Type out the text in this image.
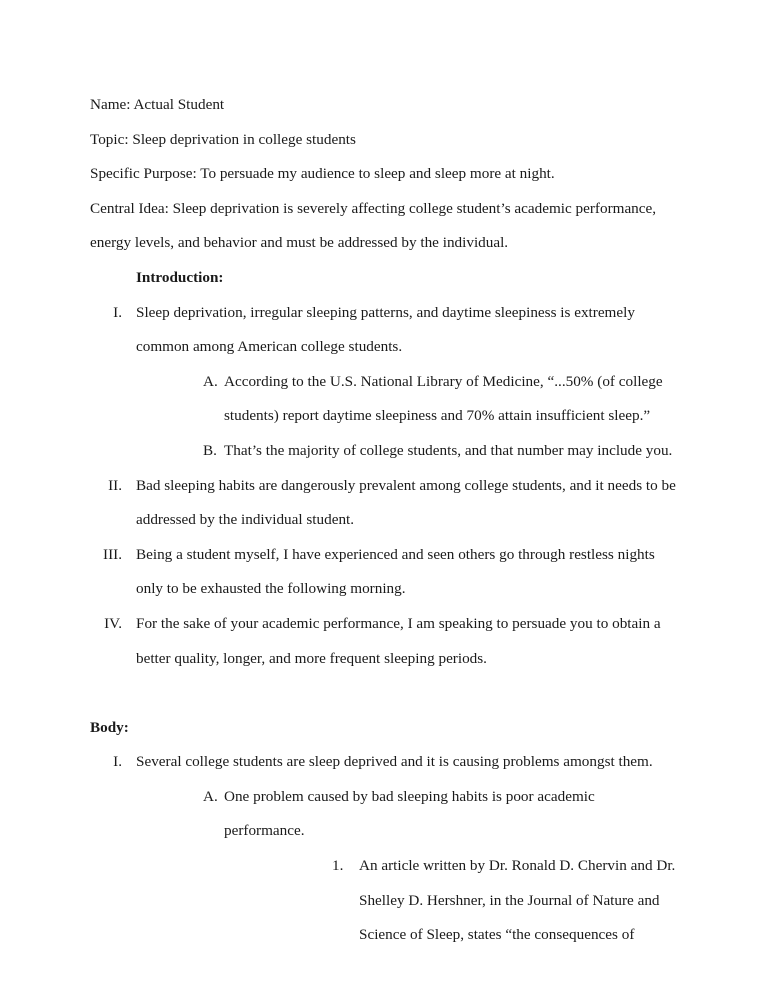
Name: Actual Student

Topic: Sleep deprivation in college students

Specific Purpose: To persuade my audience to sleep and sleep more at night.

Central Idea: Sleep deprivation is severely affecting college student’s academic performance, energy levels, and behavior and must be addressed by the individual.

Introduction:

I. Sleep deprivation, irregular sleeping patterns, and daytime sleepiness is extremely common among American college students.
A. According to the U.S. National Library of Medicine, “...50% (of college students) report daytime sleepiness and 70% attain insufficient sleep.”
B. That’s the majority of college students, and that number may include you.
II. Bad sleeping habits are dangerously prevalent among college students, and it needs to be addressed by the individual student.
III. Being a student myself, I have experienced and seen others go through restless nights only to be exhausted the following morning.
IV. For the sake of your academic performance, I am speaking to persuade you to obtain a better quality, longer, and more frequent sleeping periods.

Body:

I. Several college students are sleep deprived and it is causing problems amongst them.
A. One problem caused by bad sleeping habits is poor academic performance.
1.	An article written by Dr. Ronald D. Chervin and Dr. Shelley D. Hershner, in the Journal of Nature and Science of Sleep, states “the consequences of
